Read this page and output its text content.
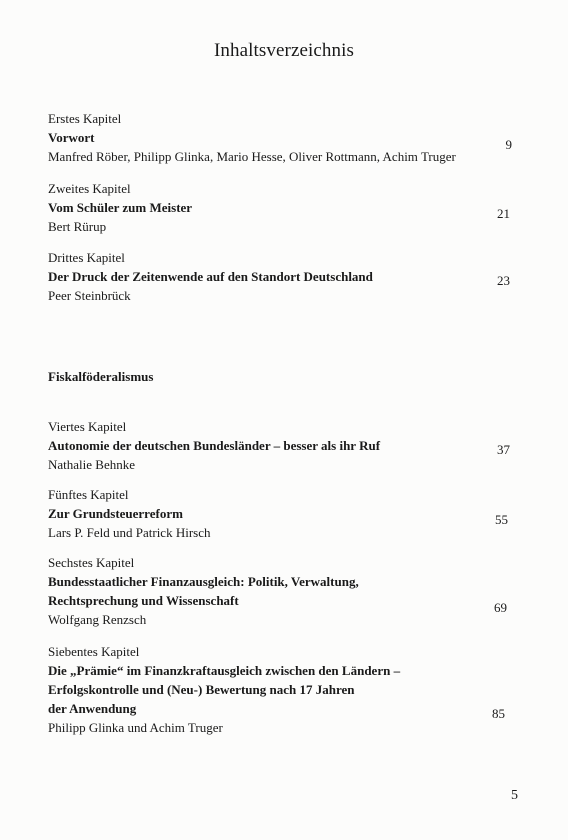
Inhaltsverzeichnis
Erstes Kapitel
Vorwort
Manfred Röber, Philipp Glinka, Mario Hesse, Oliver Rottmann, Achim Truger
9
Zweites Kapitel
Vom Schüler zum Meister
Bert Rürup
21
Drittes Kapitel
Der Druck der Zeitenwende auf den Standort Deutschland
Peer Steinbrück
23
Fiskalföderalismus
Viertes Kapitel
Autonomie der deutschen Bundesländer – besser als ihr Ruf
Nathalie Behnke
37
Fünftes Kapitel
Zur Grundsteuerreform
Lars P. Feld und Patrick Hirsch
55
Sechstes Kapitel
Bundesstaatlicher Finanzausgleich: Politik, Verwaltung,
Rechtsprechung und Wissenschaft
Wolfgang Renzsch
69
Siebentes Kapitel
Die „Prämie“ im Finanzkraftausgleich zwischen den Ländern –
Erfolgskontrolle und (Neu-) Bewertung nach 17 Jahren
der Anwendung
Philipp Glinka und Achim Truger
85
5
